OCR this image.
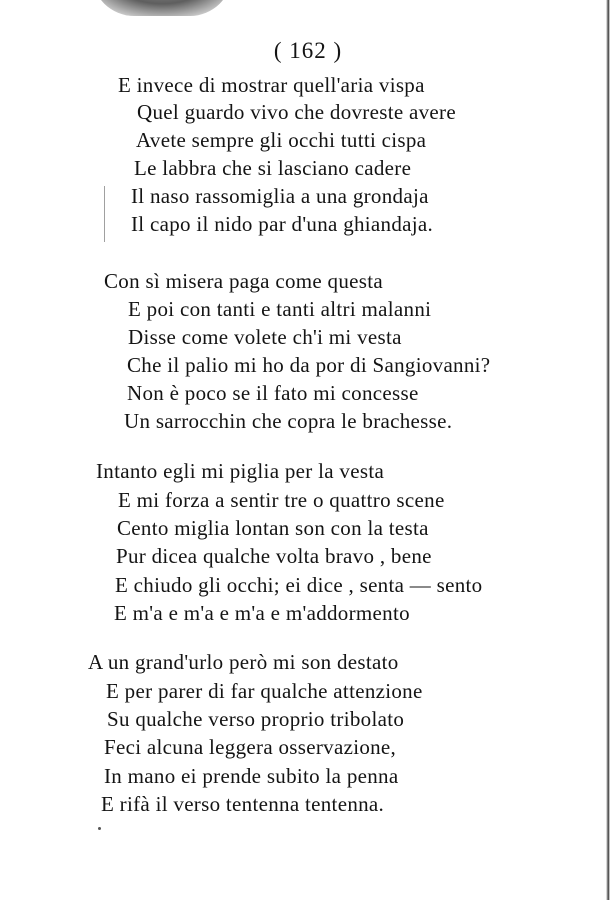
( 162 )
E invece di mostrar quell'aria vispa
Quel guardo vivo che dovreste avere
Avete sempre gli occhi tutti cispa
Le labbra che si lasciano cadere
Il naso rassomiglia a una grondaja
Il capo il nido par d'una ghiandaja.
Con sì misera paga come questa
E poi con tanti e tanti altri malanni
Disse come volete ch'i mi vesta
Che il palio mi ho da por di Sangiovanni?
Non è poco se il fato mi concesse
Un sarrocchin che copra le brachesse.
Intanto egli mi piglia per la vesta
E mi forza a sentir tre o quattro scene
Cento miglia lontan son con la testa
Pur dicea qualche volta bravo , bene
E chiudo gli occhi; ei dice , senta — sento
E m'a e m'a e m'a e m'addormento
A un grand'urlo però mi son destato
E per parer di far qualche attenzione
Su qualche verso proprio tribolato
Feci alcuna leggera osservazione,
In mano ei prende subito la penna
E rifà il verso tentenna tentenna.
